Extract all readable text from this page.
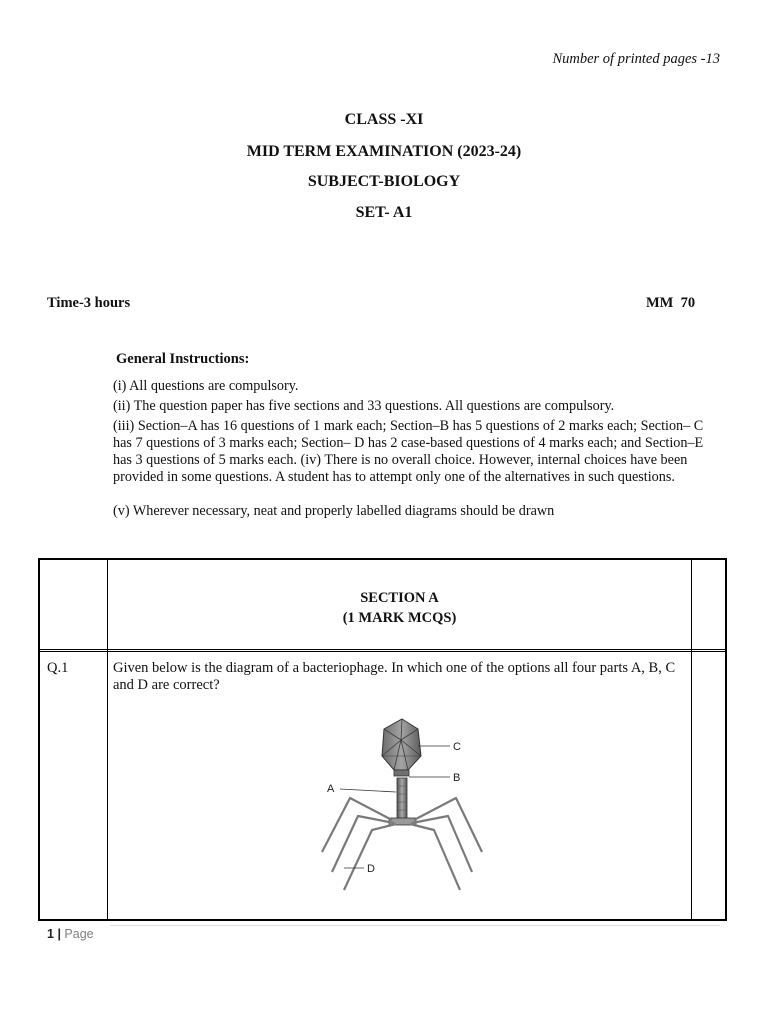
Number of printed pages -13
CLASS -XI
MID TERM EXAMINATION (2023-24)
SUBJECT-BIOLOGY
SET- A1
Time-3 hours	MM  70
General Instructions:
(i) All questions are compulsory.
(ii) The question paper has five sections and 33 questions. All questions are compulsory.
(iii) Section–A has 16 questions of 1 mark each; Section–B has 5 questions of 2 marks each; Section– C has 7 questions of 3 marks each; Section– D has 2 case-based questions of 4 marks each; and Section–E has 3 questions of 5 marks each. (iv) There is no overall choice. However, internal choices have been provided in some questions. A student has to attempt only one of the alternatives in such questions.
(v) Wherever necessary, neat and properly labelled diagrams should be drawn
SECTION A
(1 MARK MCQS)
Q.1	Given below is the diagram of a bacteriophage. In which one of the options all four parts A, B, C and D are correct?
C
B
A
D
1 | Page
